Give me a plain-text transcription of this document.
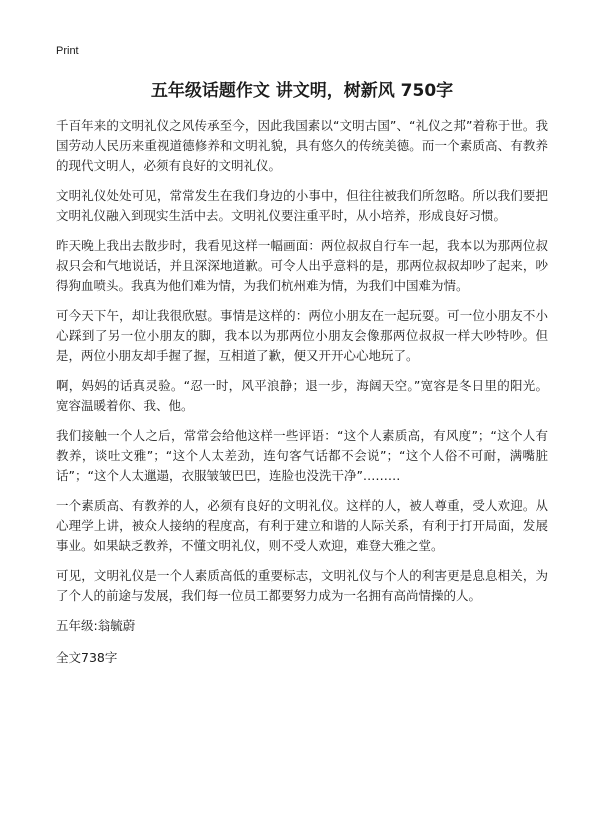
Print
五年级话题作文 讲文明，树新风 750字

千百年来的文明礼仪之风传承至今，因此我国素以“文明古国”、“礼仪之邦”着称于世。我国劳动人民历来重视道德修养和文明礼貌，具有悠久的传统美德。而一个素质高、有教养的现代文明人，必须有良好的文明礼仪。

文明礼仪处处可见，常常发生在我们身边的小事中，但往往被我们所忽略。所以我们要把文明礼仪融入到现实生活中去。文明礼仪要注重平时，从小培养，形成良好习惯。

昨天晚上我出去散步时，我看见这样一幅画面：两位叔叔自行车一起，我本以为那两位叔叔只会和气地说话，并且深深地道歉。可令人出乎意料的是，那两位叔叔却吵了起来，吵得狗血喷头。我真为他们难为情，为我们杭州难为情，为我们中国难为情。

可今天下午，却让我很欣慰。事情是这样的：两位小朋友在一起玩耍。可一位小朋友不小心踩到了另一位小朋友的脚，我本以为那两位小朋友会像那两位叔叔一样大吵特吵。但是，两位小朋友却手握了握，互相道了歉，便又开开心心地玩了。

啊，妈妈的话真灵验。“忍一时，风平浪静；退一步，海阔天空。”宽容是冬日里的阳光。宽容温暖着你、我、他。

我们接触一个人之后，常常会给他这样一些评语：“这个人素质高，有风度”；“这个人有教养，谈吐文雅”；“这个人太差劲，连句客气话都不会说”；“这个人俗不可耐，满嘴脏话”；“这个人太邋遢，衣服皱皱巴巴，连脸也没洗干净”………

一个素质高、有教养的人，必须有良好的文明礼仪。这样的人，被人尊重，受人欢迎。从心理学上讲，被众人接纳的程度高，有利于建立和谐的人际关系，有利于打开局面，发展事业。如果缺乏教养，不懂文明礼仪，则不受人欢迎，难登大雅之堂。

可见，文明礼仪是一个人素质高低的重要标志，文明礼仪与个人的利害更是息息相关，为了个人的前途与发展，我们每一位员工都要努力成为一名拥有高尚情操的人。

五年级:翁毓蔚
全文738字
